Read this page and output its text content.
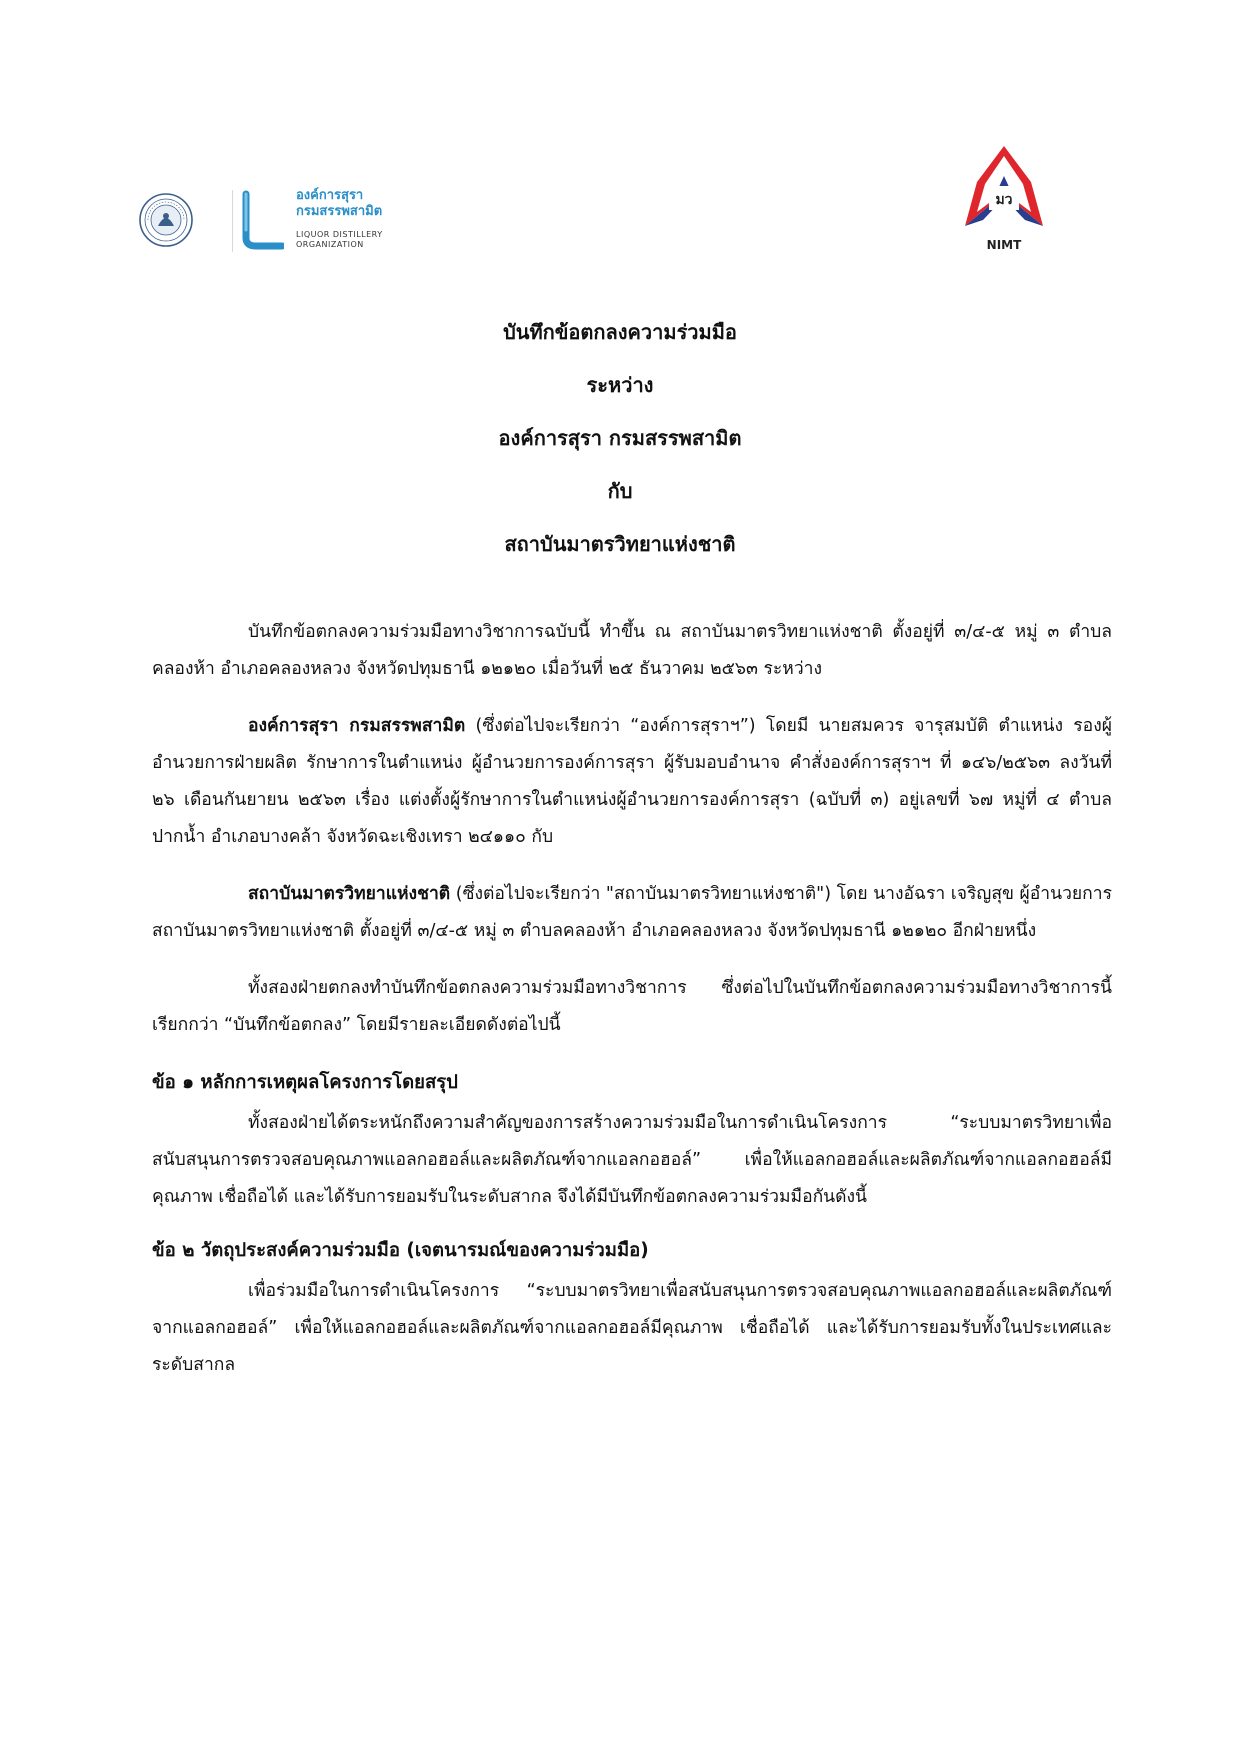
องค์การสุรา
กรมสรรพสามิต
LIQUOR DISTILLERY
ORGANIZATION
มว
NIMT
บันทึกข้อตกลงความร่วมมือ
ระหว่าง
องค์การสุรา กรมสรรพสามิต
กับ
สถาบันมาตรวิทยาแห่งชาติ

บันทึกข้อตกลงความร่วมมือทางวิชาการฉบับนี้ ทำขึ้น ณ สถาบันมาตรวิทยาแห่งชาติ ตั้งอยู่ที่ ๓/๔-๕ หมู่ ๓ ตำบลคลองห้า อำเภอคลองหลวง จังหวัดปทุมธานี ๑๒๑๒๐ เมื่อวันที่ ๒๕ ธันวาคม ๒๕๖๓ ระหว่าง

องค์การสุรา กรมสรรพสามิต (ซึ่งต่อไปจะเรียกว่า “องค์การสุราฯ”) โดยมี นายสมควร จารุสมบัติ ตำแหน่ง รองผู้อำนวยการฝ่ายผลิต รักษาการในตำแหน่ง ผู้อำนวยการองค์การสุรา ผู้รับมอบอำนาจ คำสั่งองค์การสุราฯ ที่ ๑๔๖/๒๕๖๓ ลงวันที่ ๒๖ เดือนกันยายน ๒๕๖๓ เรื่อง แต่งตั้งผู้รักษาการในตำแหน่งผู้อำนวยการองค์การสุรา (ฉบับที่ ๓) อยู่เลขที่ ๖๗ หมู่ที่ ๔ ตำบลปากน้ำ อำเภอบางคล้า จังหวัดฉะเชิงเทรา ๒๔๑๑๐ กับ

สถาบันมาตรวิทยาแห่งชาติ (ซึ่งต่อไปจะเรียกว่า "สถาบันมาตรวิทยาแห่งชาติ") โดย นางอัฉรา เจริญสุข ผู้อำนวยการสถาบันมาตรวิทยาแห่งชาติ ตั้งอยู่ที่ ๓/๔-๕ หมู่ ๓ ตำบลคลองห้า อำเภอคลองหลวง จังหวัดปทุมธานี ๑๒๑๒๐ อีกฝ่ายหนึ่ง

ทั้งสองฝ่ายตกลงทำบันทึกข้อตกลงความร่วมมือทางวิชาการ ซึ่งต่อไปในบันทึกข้อตกลงความร่วมมือทางวิชาการนี้ เรียกกว่า “บันทึกข้อตกลง” โดยมีรายละเอียดดังต่อไปนี้

ข้อ ๑ หลักการเหตุผลโครงการโดยสรุป

ทั้งสองฝ่ายได้ตระหนักถึงความสำคัญของการสร้างความร่วมมือในการดำเนินโครงการ “ระบบมาตรวิทยาเพื่อสนับสนุนการตรวจสอบคุณภาพแอลกอฮอล์และผลิตภัณฑ์จากแอลกอฮอล์” เพื่อให้แอลกอฮอล์และผลิตภัณฑ์จากแอลกอฮอล์มีคุณภาพ เชื่อถือได้ และได้รับการยอมรับในระดับสากล จึงได้มีบันทึกข้อตกลงความร่วมมือกันดังนี้

ข้อ ๒ วัตถุประสงค์ความร่วมมือ (เจตนารมณ์ของความร่วมมือ)

เพื่อร่วมมือในการดำเนินโครงการ “ระบบมาตรวิทยาเพื่อสนับสนุนการตรวจสอบคุณภาพแอลกอฮอล์และผลิตภัณฑ์จากแอลกอฮอล์” เพื่อให้แอลกอฮอล์และผลิตภัณฑ์จากแอลกอฮอล์มีคุณภาพ เชื่อถือได้ และได้รับการยอมรับทั้งในประเทศและระดับสากล
